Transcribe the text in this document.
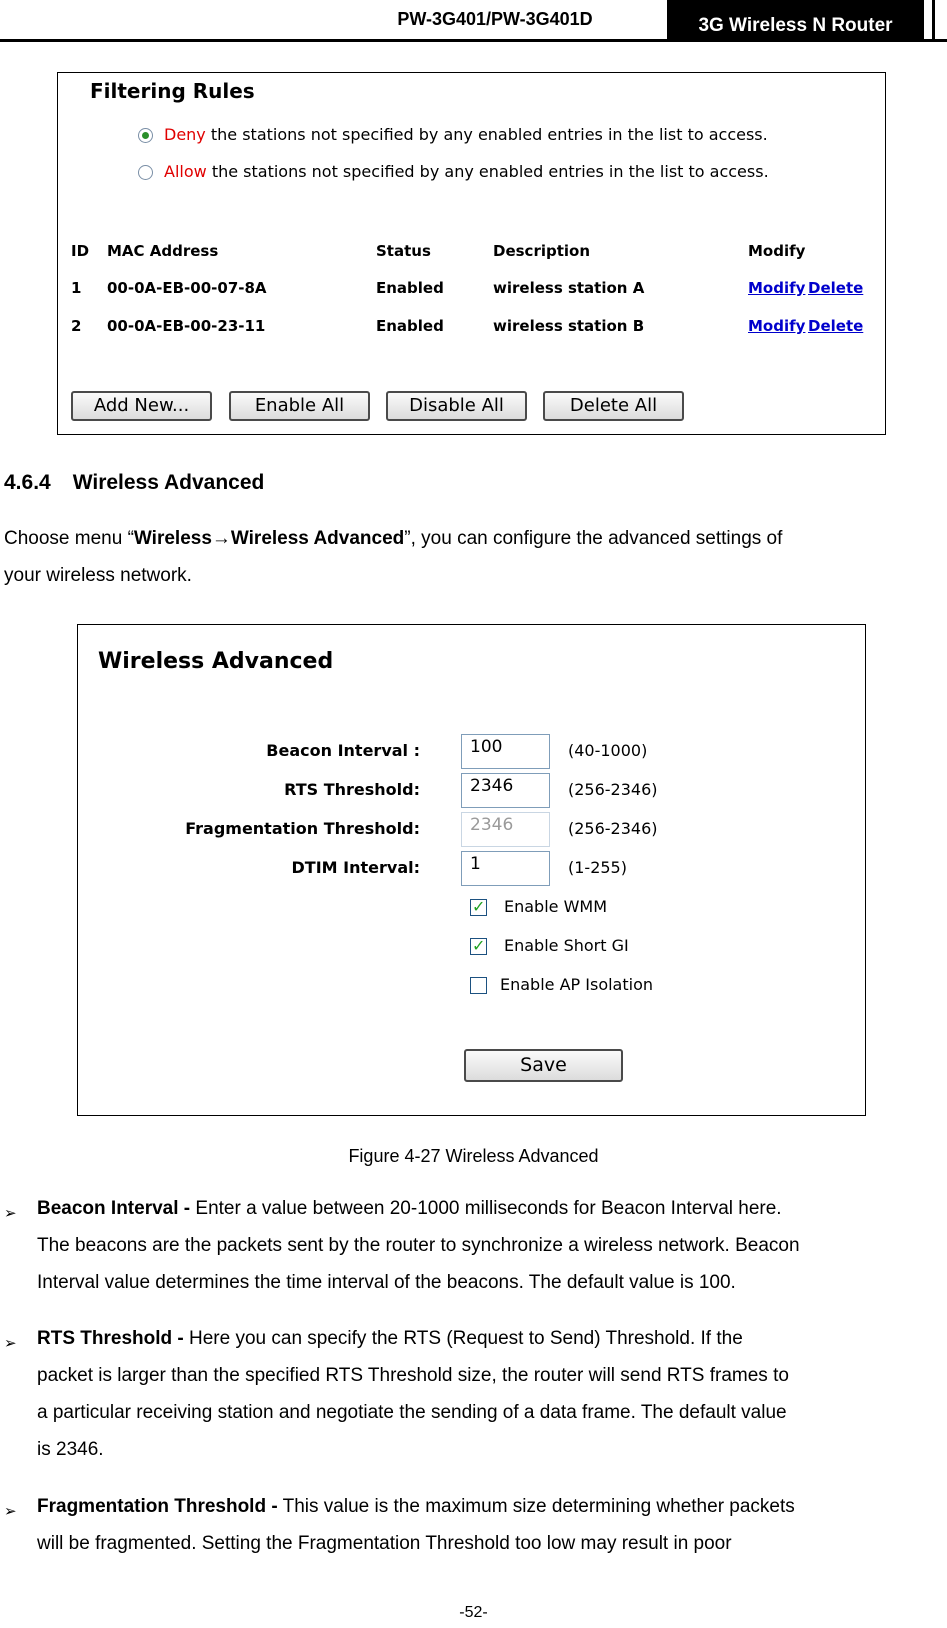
PW-3G401/PW-3G401D	3G Wireless N Router
Filtering Rules
Deny the stations not specified by any enabled entries in the list to access.
Allow the stations not specified by any enabled entries in the list to access.
ID MAC Address	Status	Description	Modify
1 00-0A-EB-00-07-8A	Enabled	wireless station A	Modify Delete
2 00-0A-EB-00-23-11	Enabled	wireless station B	Modify Delete
Add New...	Enable All	Disable All	Delete All
4.6.4 Wireless Advanced
Choose menu “Wireless→Wireless Advanced”, you can configure the advanced settings of
your wireless network.
Wireless Advanced
Beacon Interval :	100	(40-1000)
RTS Threshold:	2346	(256-2346)
Fragmentation Threshold:	2346	(256-2346)
DTIM Interval:	1	(1-255)
✓
Enable WMM
✓
Enable Short GI
Enable AP Isolation
Save
Figure 4-27 Wireless Advanced
➢ Beacon Interval - Enter a value between 20-1000 milliseconds for Beacon Interval here.
The beacons are the packets sent by the router to synchronize a wireless network. Beacon
Interval value determines the time interval of the beacons. The default value is 100.
➢ RTS Threshold - Here you can specify the RTS (Request to Send) Threshold. If the
packet is larger than the specified RTS Threshold size, the router will send RTS frames to
a particular receiving station and negotiate the sending of a data frame. The default value
is 2346.
➢ Fragmentation Threshold - This value is the maximum size determining whether packets
will be fragmented. Setting the Fragmentation Threshold too low may result in poor
-52-
